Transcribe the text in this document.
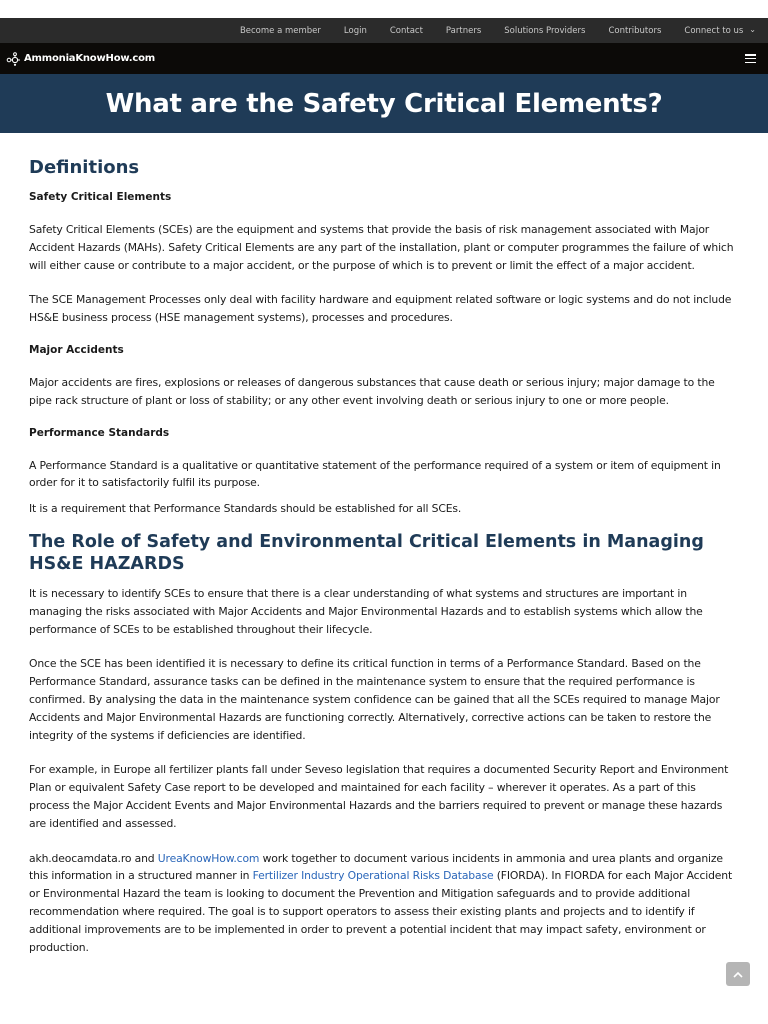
Become a member	Login	Contact	Partners	Solutions Providers	Contributors	Connect to us ⌄
AmmoniaKnowHow.com
What are the Safety Critical Elements?
Definitions
Safety Critical Elements

Safety Critical Elements (SCEs) are the equipment and systems that provide the basis of risk management associated with Major Accident Hazards (MAHs). Safety Critical Elements are any part of the installation, plant or computer programmes the failure of which will either cause or contribute to a major accident, or the purpose of which is to prevent or limit the effect of a major accident.

The SCE Management Processes only deal with facility hardware and equipment related software or logic systems and do not include HS&E business process (HSE management systems), processes and procedures.

Major Accidents

Major accidents are fires, explosions or releases of dangerous substances that cause death or serious injury; major damage to the pipe rack structure of plant or loss of stability; or any other event involving death or serious injury to one or more people.

Performance Standards

A Performance Standard is a qualitative or quantitative statement of the performance required of a system or item of equipment in order for it to satisfactorily fulfil its purpose.

It is a requirement that Performance Standards should be established for all SCEs.

The Role of Safety and Environmental Critical Elements in Managing HS&E HAZARDS

It is necessary to identify SCEs to ensure that there is a clear understanding of what systems and structures are important in managing the risks associated with Major Accidents and Major Environmental Hazards and to establish systems which allow the performance of SCEs to be established throughout their lifecycle.

Once the SCE has been identified it is necessary to define its critical function in terms of a Performance Standard. Based on the Performance Standard, assurance tasks can be defined in the maintenance system to ensure that the required performance is confirmed. By analysing the data in the maintenance system confidence can be gained that all the SCEs required to manage Major Accidents and Major Environmental Hazards are functioning correctly. Alternatively, corrective actions can be taken to restore the integrity of the systems if deficiencies are identified.

For example, in Europe all fertilizer plants fall under Seveso legislation that requires a documented Security Report and Environment Plan or equivalent Safety Case report to be developed and maintained for each facility – wherever it operates. As a part of this process the Major Accident Events and Major Environmental Hazards and the barriers required to prevent or manage these hazards are identified and assessed.

akh.deocamdata.ro and UreaKnowHow.com work together to document various incidents in ammonia and urea plants and organize this information in a structured manner in Fertilizer Industry Operational Risks Database (FIORDA). In FIORDA for each Major Accident or Environmental Hazard the team is looking to document the Prevention and Mitigation safeguards and to provide additional recommendation where required. The goal is to support operators to assess their existing plants and projects and to identify if additional improvements are to be implemented in order to prevent a potential incident that may impact safety, environment or production.
